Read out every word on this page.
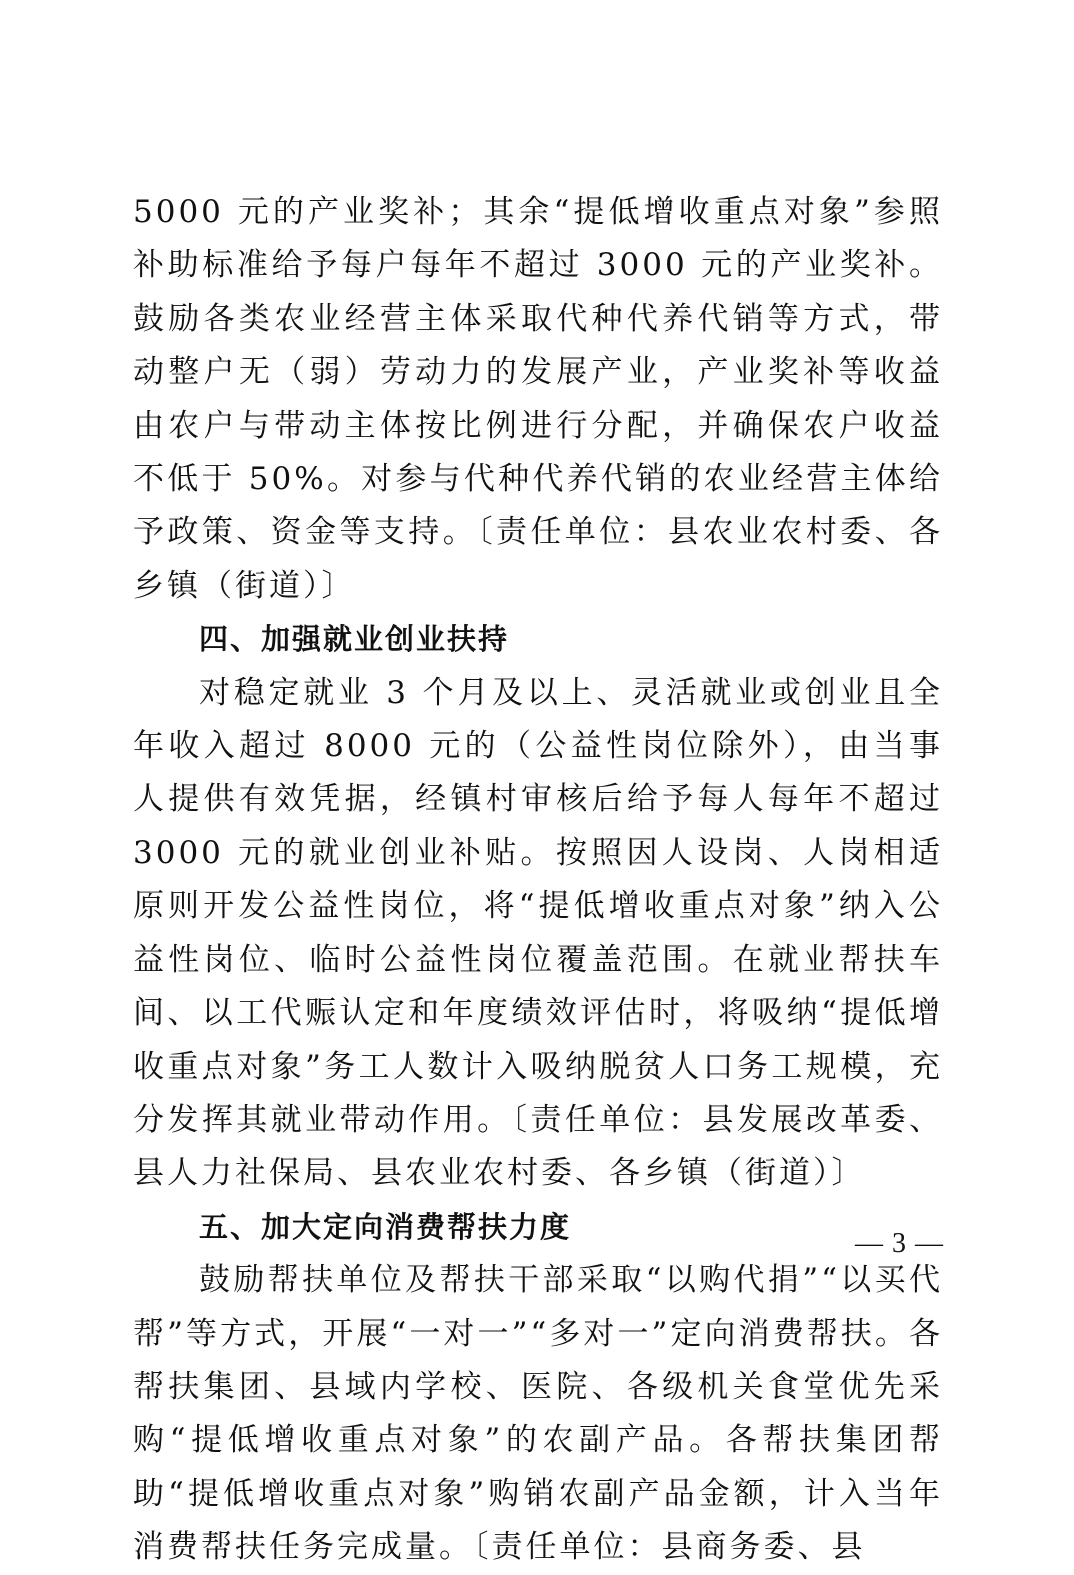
5000 元的产业奖补；其余“提低增收重点对象”参照补助标准给予每户每年不超过 3000 元的产业奖补。鼓励各类农业经营主体采取代种代养代销等方式，带动整户无（弱）劳动力的发展产业，产业奖补等收益由农户与带动主体按比例进行分配，并确保农户收益不低于 50%。对参与代种代养代销的农业经营主体给予政策、资金等支持。〔责任单位：县农业农村委、各乡镇（街道）〕

四、加强就业创业扶持

对稳定就业 3 个月及以上、灵活就业或创业且全年收入超过 8000 元的（公益性岗位除外），由当事人提供有效凭据，经镇村审核后给予每人每年不超过 3000 元的就业创业补贴。按照因人设岗、人岗相适原则开发公益性岗位，将“提低增收重点对象”纳入公益性岗位、临时公益性岗位覆盖范围。在就业帮扶车间、以工代赈认定和年度绩效评估时，将吸纳“提低增收重点对象”务工人数计入吸纳脱贫人口务工规模，充分发挥其就业带动作用。〔责任单位：县发展改革委、县人力社保局、县农业农村委、各乡镇（街道）〕

五、加大定向消费帮扶力度

鼓励帮扶单位及帮扶干部采取“以购代捐”“以买代帮”等方式，开展“一对一”“多对一”定向消费帮扶。各帮扶集团、县域内学校、医院、各级机关食堂优先采购“提低增收重点对象”的农副产品。各帮扶集团帮助“提低增收重点对象”购销农副产品金额，计入当年消费帮扶任务完成量。〔责任单位：县商务委、县

— 3 —
